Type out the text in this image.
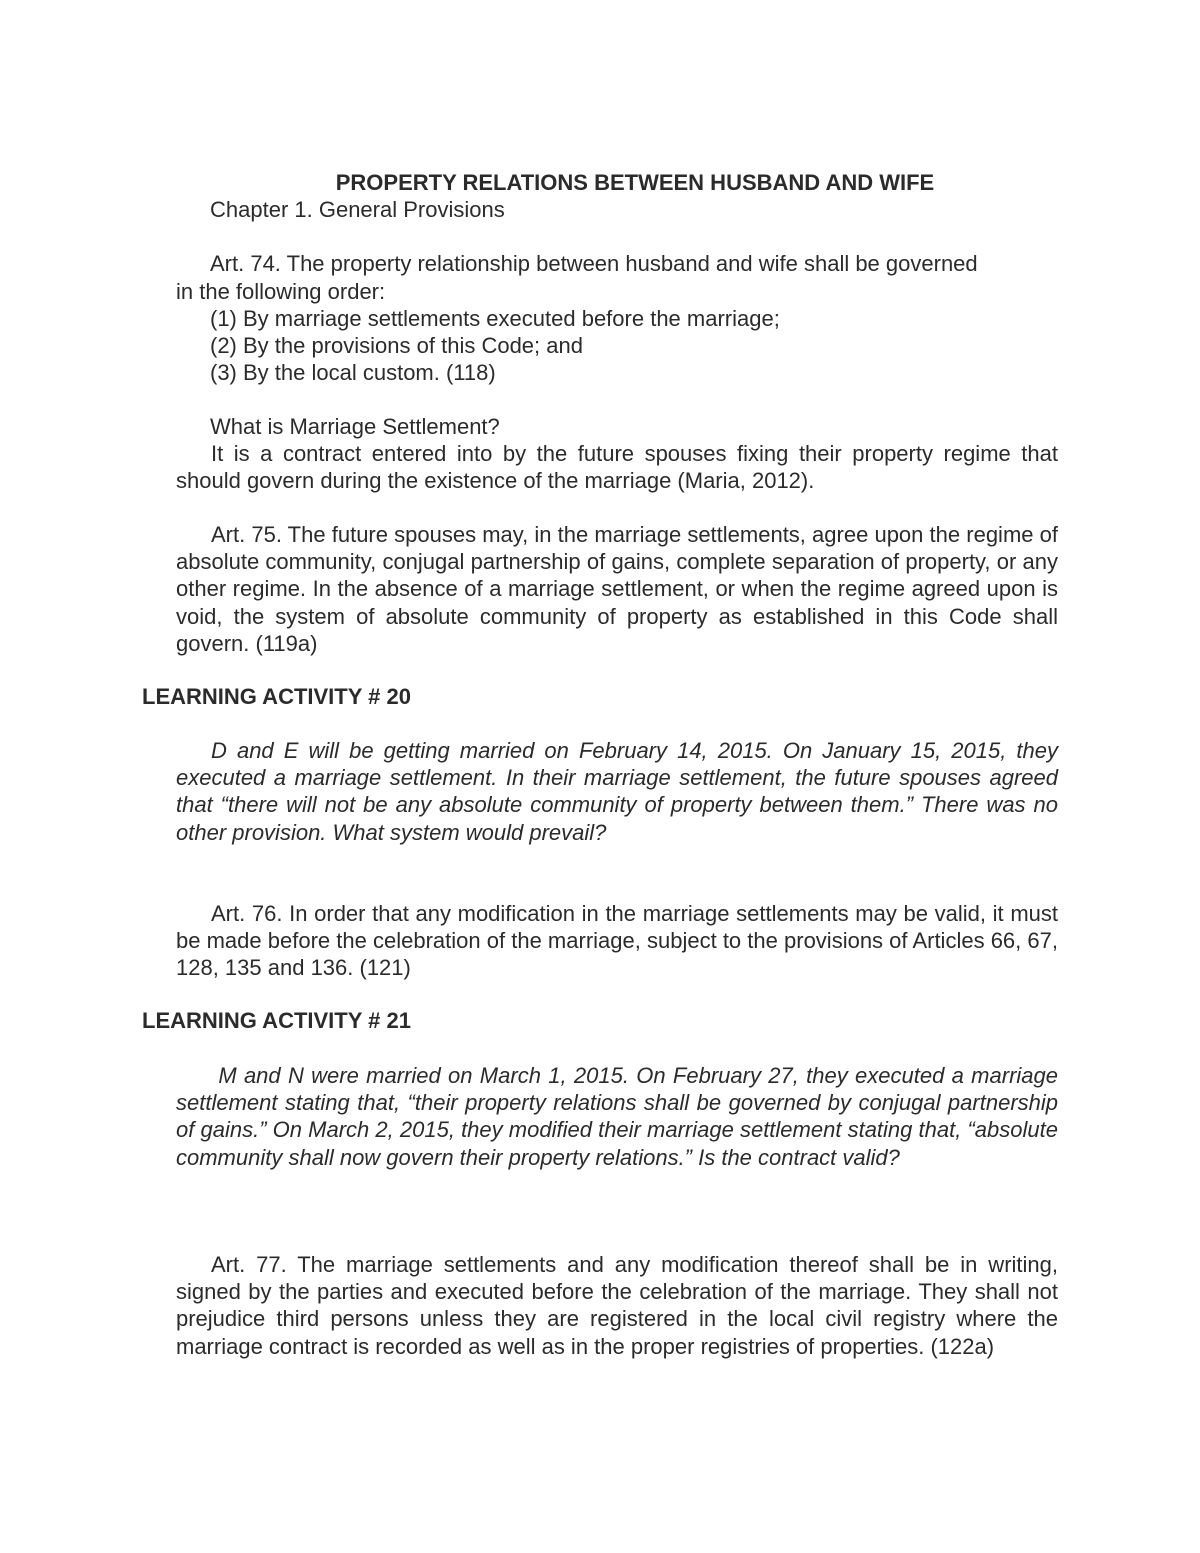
PROPERTY RELATIONS BETWEEN HUSBAND AND WIFE
Chapter 1. General Provisions
Art. 74. The property relationship between husband and wife shall be governed
in the following order:
(1) By marriage settlements executed before the marriage;
(2) By the provisions of this Code; and
(3) By the local custom. (118)
What is Marriage Settlement?
It is a contract entered into by the future spouses fixing their property regime that should govern during the existence of the marriage (Maria, 2012).
Art. 75. The future spouses may, in the marriage settlements, agree upon the regime of absolute community, conjugal partnership of gains, complete separation of property, or any other regime. In the absence of a marriage settlement, or when the regime agreed upon is void, the system of absolute community of property as established in this Code shall govern. (119a)
LEARNING ACTIVITY # 20
D and E will be getting married on February 14, 2015. On January 15, 2015, they executed a marriage settlement. In their marriage settlement, the future spouses agreed that “there will not be any absolute community of property between them.” There was no other provision. What system would prevail?
Art. 76. In order that any modification in the marriage settlements may be valid, it must be made before the celebration of the marriage, subject to the provisions of Articles 66, 67, 128, 135 and 136. (121)
LEARNING ACTIVITY # 21
M and N were married on March 1, 2015. On February 27, they executed a marriage settlement stating that, “their property relations shall be governed by conjugal partnership of gains.” On March 2, 2015, they modified their marriage settlement stating that, “absolute community shall now govern their property relations.” Is the contract valid?
Art. 77. The marriage settlements and any modification thereof shall be in writing, signed by the parties and executed before the celebration of the marriage. They shall not prejudice third persons unless they are registered in the local civil registry where the marriage contract is recorded as well as in the proper registries of properties. (122a)
